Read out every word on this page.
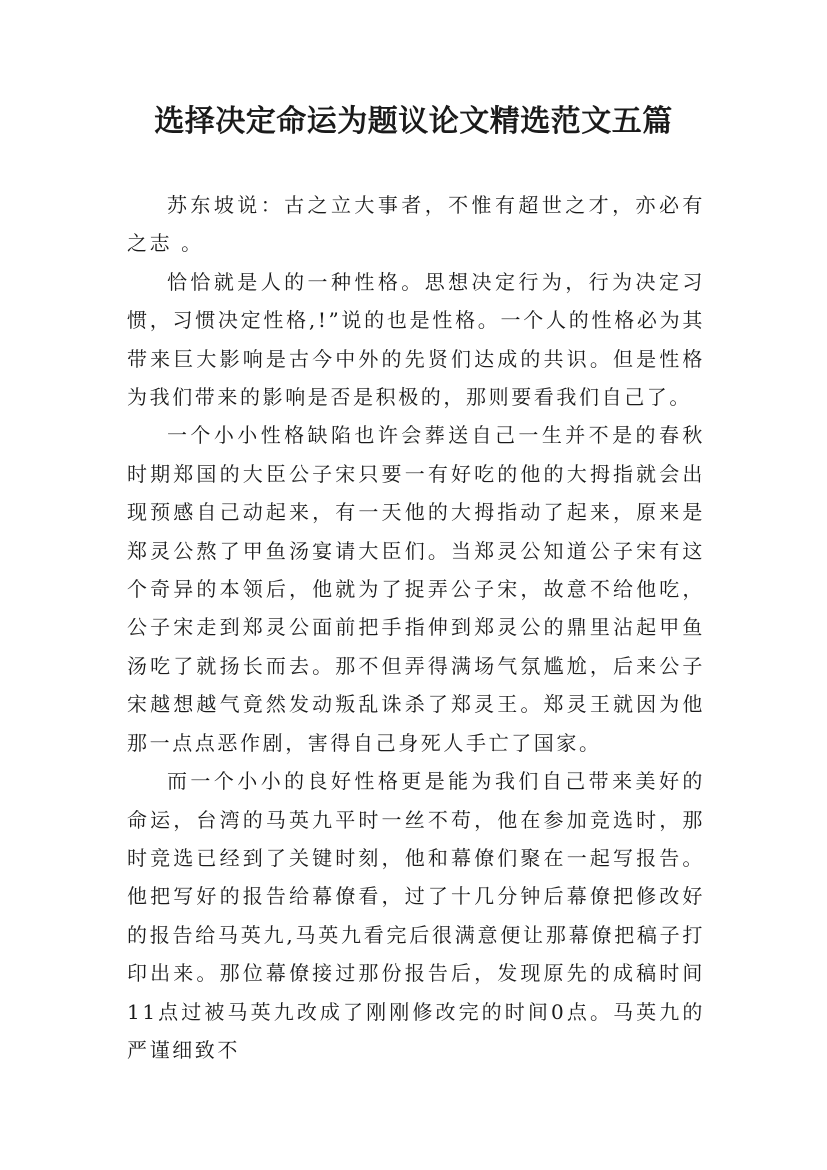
选择决定命运为题议论文精选范文五篇

苏东坡说：古之立大事者，不惟有超世之才，亦必有之志 。

恰恰就是人的一种性格。思想决定行为，行为决定习惯，习惯决定性格,!”说的也是性格。一个人的性格必为其带来巨大影响是古今中外的先贤们达成的共识。但是性格为我们带来的影响是否是积极的，那则要看我们自己了。

一个小小性格缺陷也许会葬送自己一生并不是的春秋时期郑国的大臣公子宋只要一有好吃的他的大拇指就会出现预感自己动起来，有一天他的大拇指动了起来，原来是郑灵公熬了甲鱼汤宴请大臣们。当郑灵公知道公子宋有这个奇异的本领后，他就为了捉弄公子宋，故意不给他吃，公子宋走到郑灵公面前把手指伸到郑灵公的鼎里沾起甲鱼汤吃了就扬长而去。那不但弄得满场气氛尴尬，后来公子宋越想越气竟然发动叛乱诛杀了郑灵王。郑灵王就因为他那一点点恶作剧，害得自己身死人手亡了国家。

而一个小小的良好性格更是能为我们自己带来美好的命运，台湾的马英九平时一丝不苟，他在参加竞选时，那时竞选已经到了关键时刻，他和幕僚们聚在一起写报告。他把写好的报告给幕僚看，过了十几分钟后幕僚把修改好的报告给马英九,马英九看完后很满意便让那幕僚把稿子打印出来。那位幕僚接过那份报告后，发现原先的成稿时间11点过被马英九改成了刚刚修改完的时间0点。马英九的严谨细致不
